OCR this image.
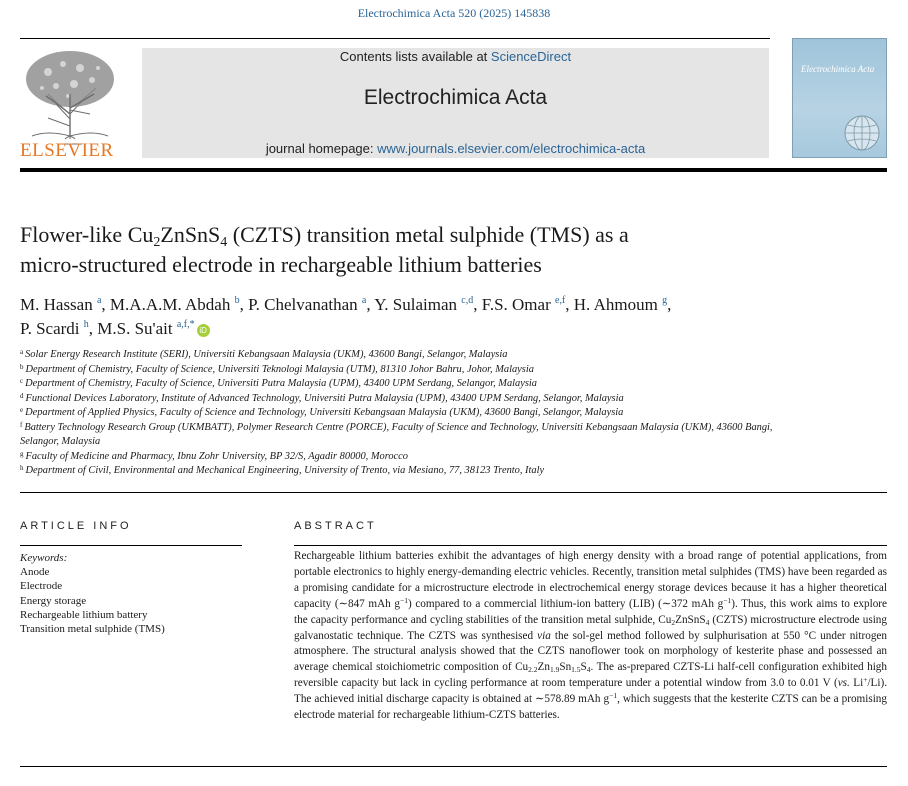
Electrochimica Acta 520 (2025) 145838
ELSEVIER
Contents lists available at ScienceDirect
Electrochimica Acta
journal homepage: www.journals.elsevier.com/electrochimica-acta
Electrochimica Acta
Flower-like $Cu_2ZnSnS_4$ (CZTS) transition metal sulphide (TMS) as a
micro-structured electrode in rechargeable lithium batteries
M. Hassan $^a$, M.A.A.M. Abdah $^b$, P. Chelvanathan $^a$, Y. Sulaiman $^{c,d}$, F.S. Omar $^{e,f}$, H. Ahmoum $^g$,
P. Scardi $^h$, M.S. Su'ait $^{a,f,*}$iD

$^a$ Solar Energy Research Institute (SERI), Universiti Kebangsaan Malaysia (UKM), 43600 Bangi, Selangor, Malaysia

$^b$ Department of Chemistry, Faculty of Science, Universiti Teknologi Malaysia (UTM), 81310 Johor Bahru, Johor, Malaysia

$^c$ Department of Chemistry, Faculty of Science, Universiti Putra Malaysia (UPM), 43400 UPM Serdang, Selangor, Malaysia

$^d$ Functional Devices Laboratory, Institute of Advanced Technology, Universiti Putra Malaysia (UPM), 43400 UPM Serdang, Selangor, Malaysia

$^e$ Department of Applied Physics, Faculty of Science and Technology, Universiti Kebangsaan Malaysia (UKM), 43600 Bangi, Selangor, Malaysia

$^f$ Battery Technology Research Group (UKMBATT), Polymer Research Centre (PORCE), Faculty of Science and Technology, Universiti Kebangsaan Malaysia (UKM), 43600 Bangi, Selangor, Malaysia

$^g$ Faculty of Medicine and Pharmacy, Ibnu Zohr University, BP 32/S, Agadir 80000, Morocco

$^h$ Department of Civil, Environmental and Mechanical Engineering, University of Trento, via Mesiano, 77, 38123 Trento, Italy

ARTICLE INFO	ABSTRACT
Keywords:
Anode
Electrode
Energy storage
Rechargeable lithium battery
Transition metal sulphide (TMS)
Rechargeable lithium batteries exhibit the advantages of high energy density with a broad range of potential applications, from portable electronics to highly energy-demanding electric vehicles. Recently, transition metal sulphides (TMS) have been regarded as a promising candidate for a microstructure electrode in electrochemical energy storage devices because it has a higher theoretical capacity (∼847 mAh $g^{-1}$) compared to a commercial lithium-ion battery (LIB) (∼372 mAh $g^{-1}$). Thus, this work aims to explore the capacity performance and cycling stabilities of the transition metal sulphide, $Cu_2ZnSnS_4$ (CZTS) microstructure electrode using galvanostatic technique. The CZTS was synthesised via the sol-gel method followed by sulphurisation at 550 °C under nitrogen atmosphere. The structural analysis showed that the CZTS nanoflower took on morphology of kesterite phase and possessed an average chemical stoichiometric composition of $Cu_{2.2}Zn_{1.9}Sn_{1.5}S_4$. The as-prepared CZTS-Li half-cell configuration exhibited high reversible capacity but lack in cycling performance at room temperature under a potential window from 3.0 to 0.01 V (vs. Li+/Li). The achieved initial discharge capacity is obtained at ∼578.89 mAh $g^{-1}$, which suggests that the kesterite CZTS can be a promising electrode material for rechargeable lithium-CZTS batteries.
